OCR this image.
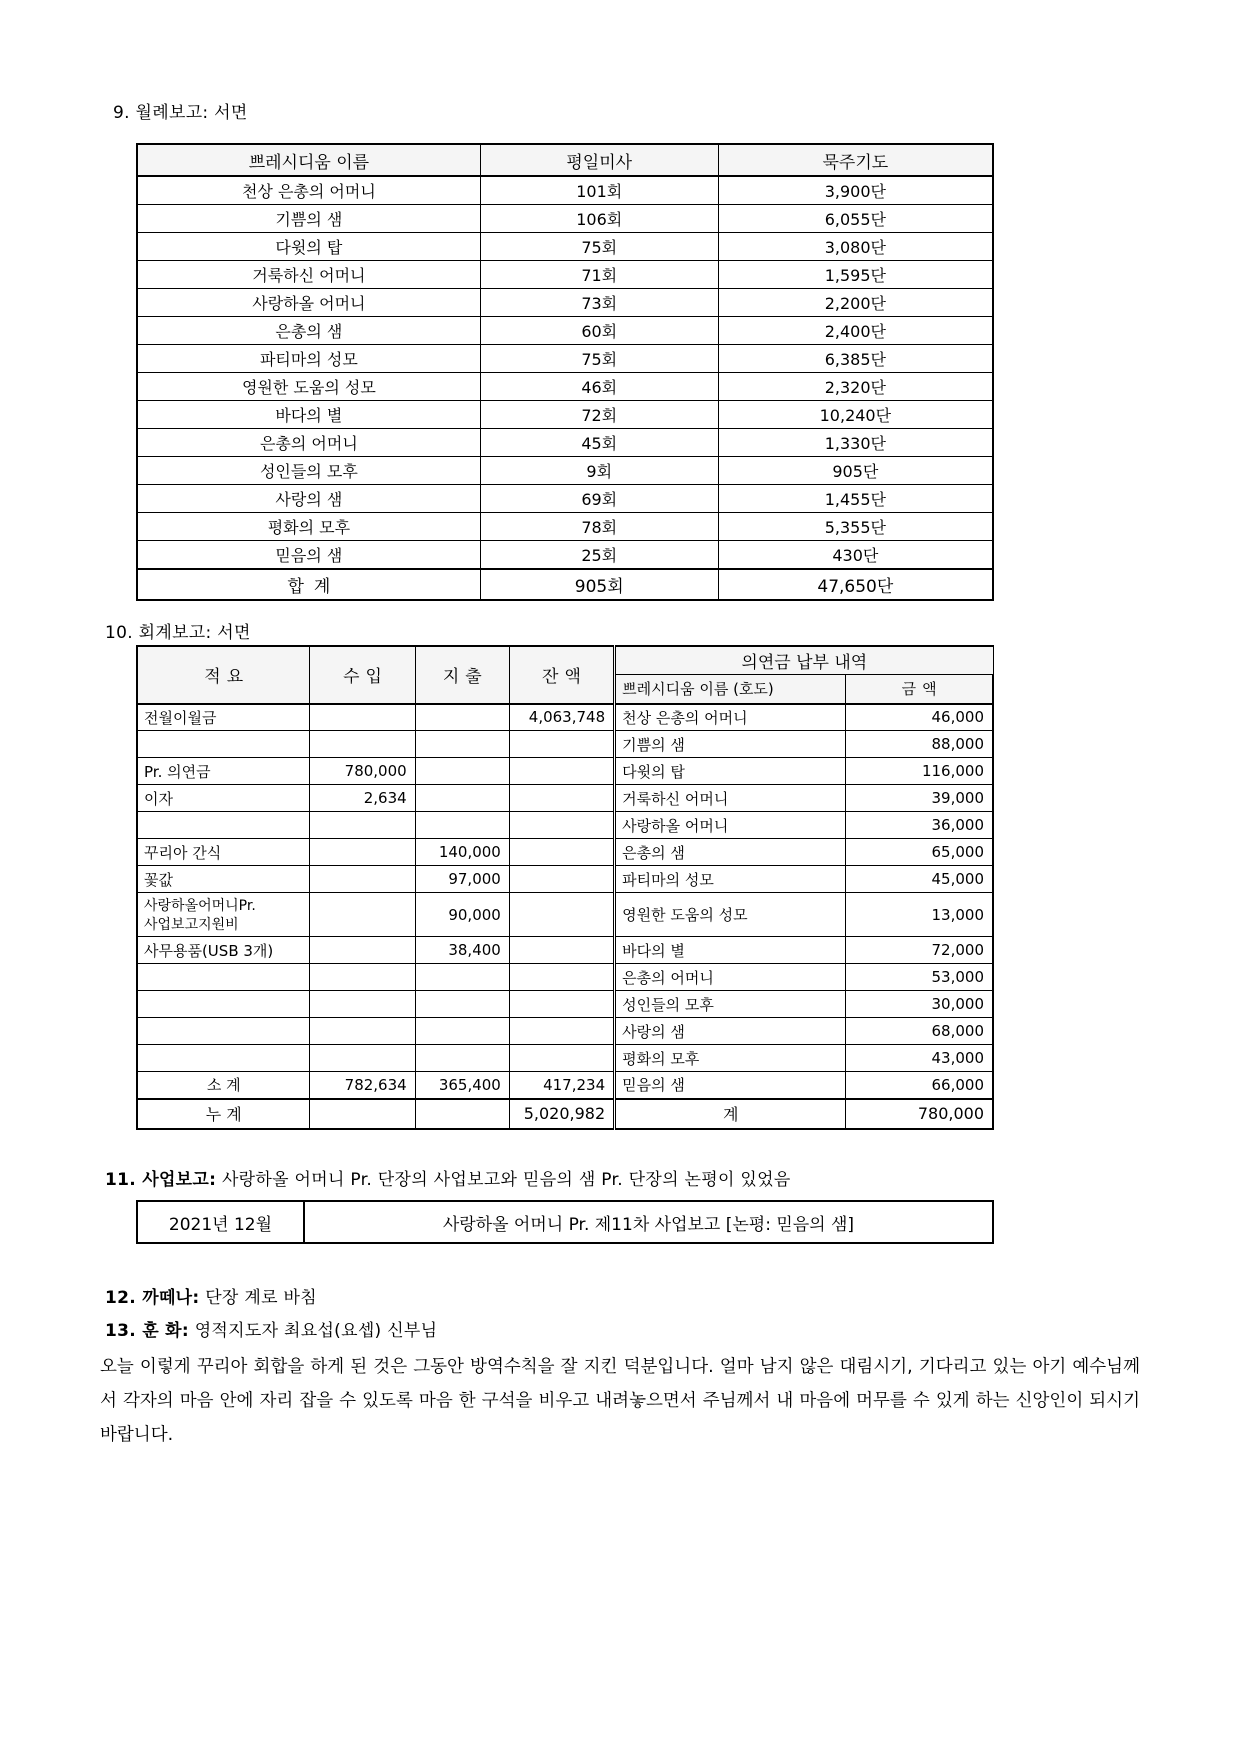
9. 월례보고: 서면
쁘레시디움 이름	평일미사	묵주기도
천상 은총의 어머니	101회	3,900단
기쁨의 샘	106회	6,055단
다윗의 탑	75회	3,080단
거룩하신 어머니	71회	1,595단
사랑하올 어머니	73회	2,200단
은총의 샘	60회	2,400단
파티마의 성모	75회	6,385단
영원한 도움의 성모	46회	2,320단
바다의 별	72회	10,240단
은총의 어머니	45회	1,330단
성인들의 모후	9회	905단
사랑의 샘	69회	1,455단
평화의 모후	78회	5,355단
믿음의 샘	25회	430단
합계	905회	47,650단
10. 회계보고: 서면
적요	수입	지출	잔액	의연금 납부 내역	
				쁘레시디움 이름 (호도)	금액
전월이월금			4,063,748	천상 은총의 어머니	46,000
				기쁨의 샘	88,000
Pr. 의연금	780,000			다윗의 탑	116,000
이자	2,634			거룩하신 어머니	39,000
				사랑하올 어머니	36,000
꾸리아 간식		140,000		은총의 샘	65,000
꽃값		97,000		파티마의 성모	45,000
사랑하올어머니Pr.
사업보고지원비		90,000		영원한 도움의 성모	13,000
사무용품(USB 3개)		38,400		바다의 별	72,000
				은총의 어머니	53,000
				성인들의 모후	30,000
				사랑의 샘	68,000
				평화의 모후	43,000
소 계	782,634	365,400	417,234	믿음의 샘	66,000
누 계			5,020,982	계	780,000
11. 사업보고: 사랑하올 어머니 Pr. 단장의 사업보고와 믿음의 샘 Pr. 단장의 논평이 있었음
2021년 12월	사랑하올 어머니 Pr. 제11차 사업보고 [논평: 믿음의 샘]
12. 까떼나: 단장 계로 바침
13. 훈 화: 영적지도자 최요섭(요셉) 신부님

오늘 이렇게 꾸리아 회합을 하게 된 것은 그동안 방역수칙을 잘 지킨 덕분입니다. 얼마 남지 않은 대림시기, 기다리고 있는 아기 예수님께서 각자의 마음 안에 자리 잡을 수 있도록 마음 한 구석을 비우고 내려놓으면서 주님께서 내 마음에 머무를 수 있게 하는 신앙인이 되시기 바랍니다.
